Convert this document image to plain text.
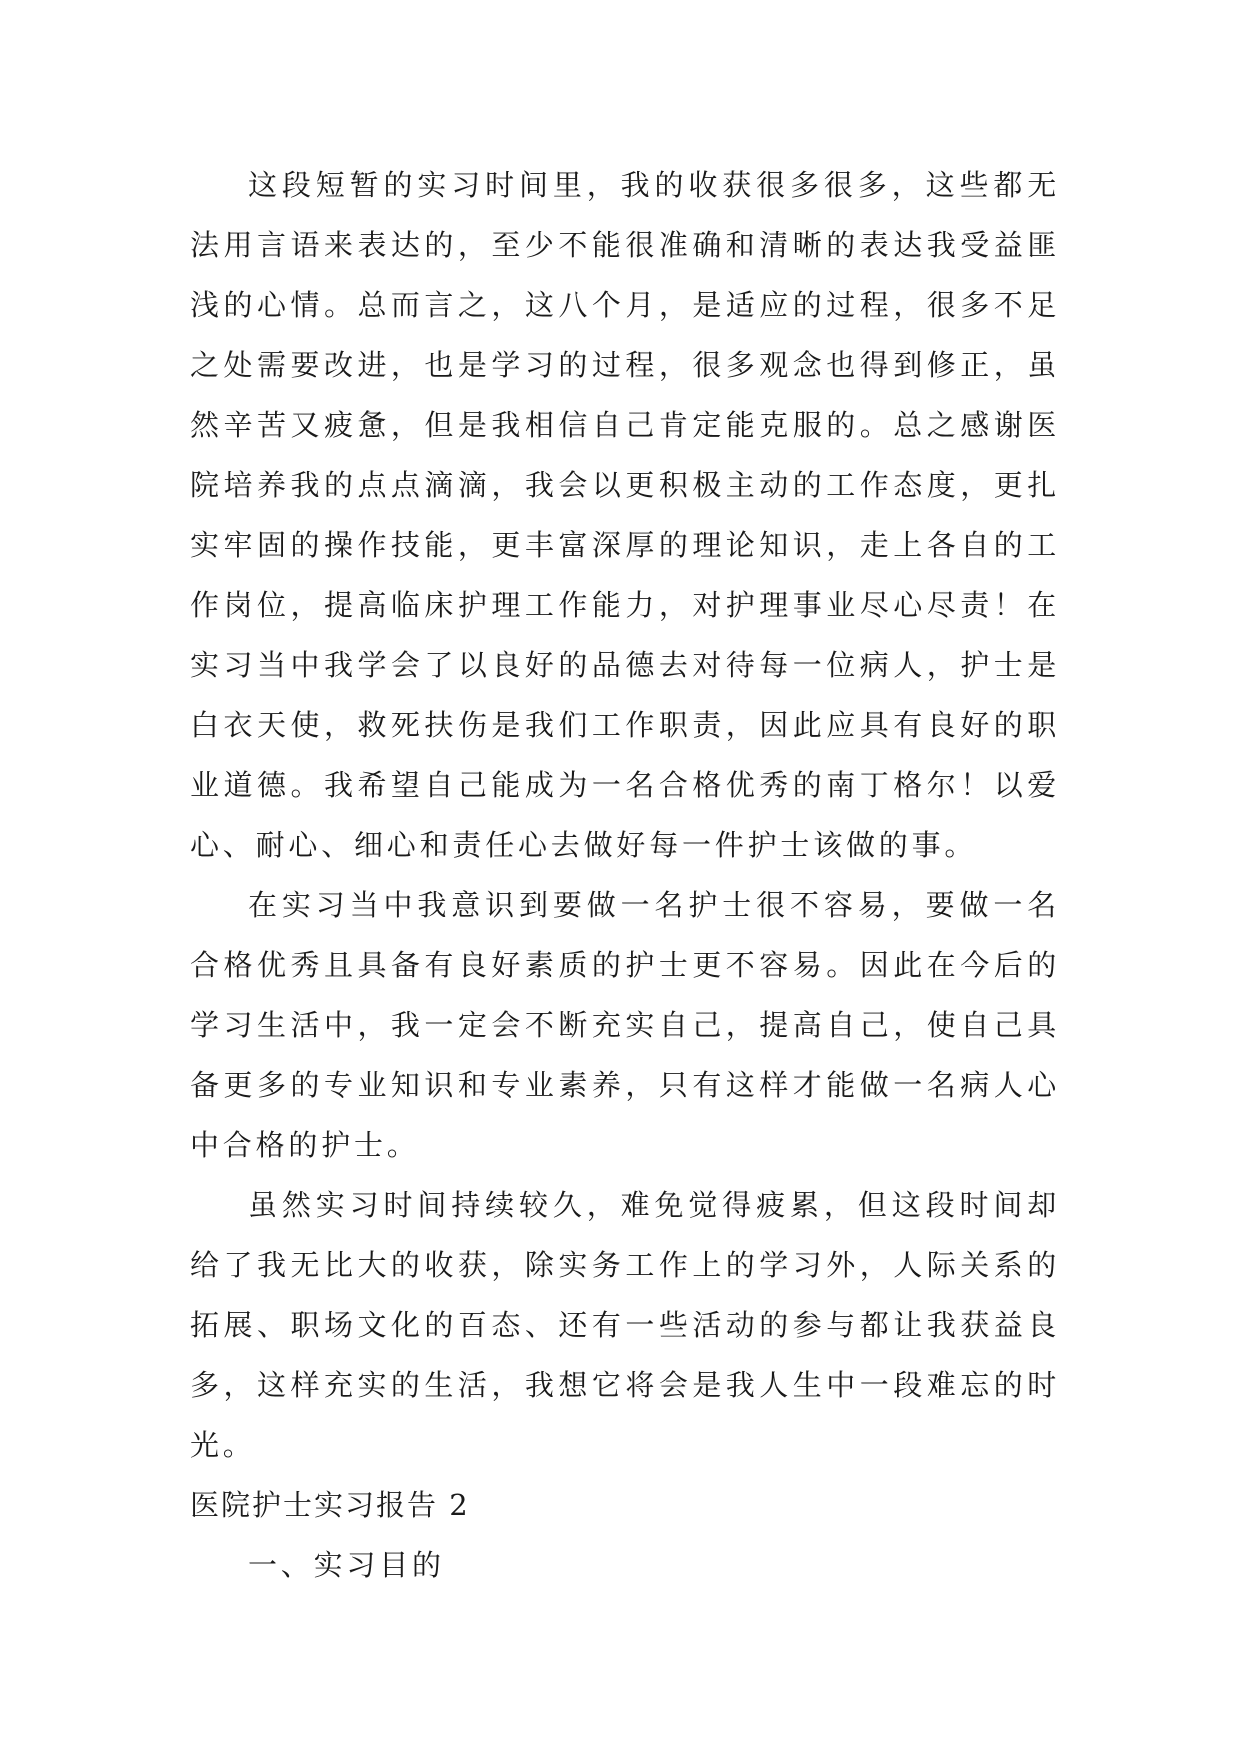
这段短暂的实习时间里，我的收获很多很多，这些都无法用言语来表达的，至少不能很准确和清晰的表达我受益匪浅的心情。总而言之，这八个月，是适应的过程，很多不足之处需要改进，也是学习的过程，很多观念也得到修正，虽然辛苦又疲惫，但是我相信自己肯定能克服的。总之感谢医院培养我的点点滴滴，我会以更积极主动的工作态度，更扎实牢固的操作技能，更丰富深厚的理论知识，走上各自的工作岗位，提高临床护理工作能力，对护理事业尽心尽责！在实习当中我学会了以良好的品德去对待每一位病人，护士是白衣天使，救死扶伤是我们工作职责，因此应具有良好的职业道德。我希望自己能成为一名合格优秀的南丁格尔！以爱心、耐心、细心和责任心去做好每一件护士该做的事。

在实习当中我意识到要做一名护士很不容易，要做一名合格优秀且具备有良好素质的护士更不容易。因此在今后的学习生活中，我一定会不断充实自己，提高自己，使自己具备更多的专业知识和专业素养，只有这样才能做一名病人心中合格的护士。

虽然实习时间持续较久，难免觉得疲累，但这段时间却给了我无比大的收获，除实务工作上的学习外，人际关系的拓展、职场文化的百态、还有一些活动的参与都让我获益良多，这样充实的生活，我想它将会是我人生中一段难忘的时光。

医院护士实习报告 2

一、实习目的
